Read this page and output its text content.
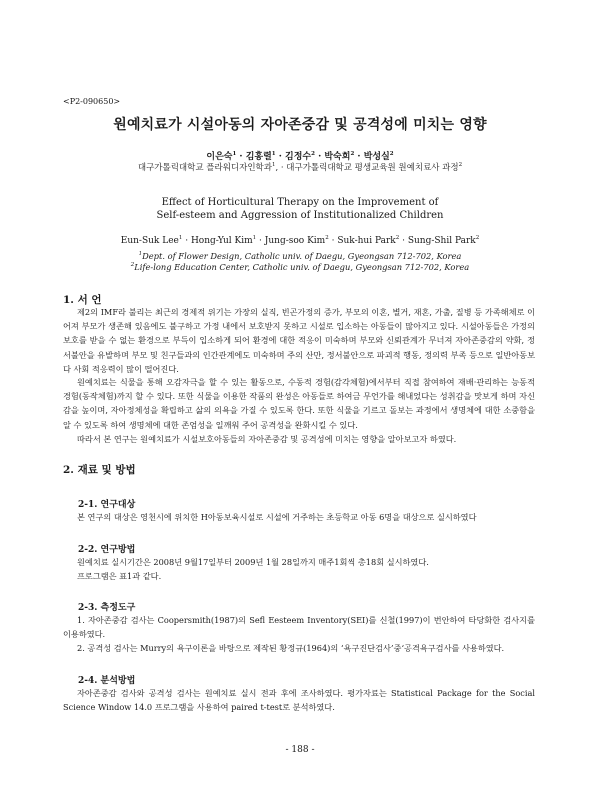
<P2-090650>
원예치료가 시설아동의 자아존중감 및 공격성에 미치는 영향
이은숙$^1$ · 김홍렬$^1$ · 김정수$^2$ · 박숙희$^2$ · 박성실$^2$
대구가톨릭대학교 플라워디자인학과$^1$, · 대구가톨릭대학교 평생교육원 원예치료사 과정$^2$
Effect of Horticultural Therapy on the Improvement of
Self-esteem and Aggression of Institutionalized Children
Eun-Suk Lee$^1$ · Hong-Yul Kim$^1$ · Jung-soo Kim$^2$ · Suk-hui Park$^2$ · Sung-Shil Park$^2$
$^1$Dept. of Flower Design, Catholic univ. of Daegu, Gyeongsan 712-702, Korea
$^2$Life-long Education Center, Catholic univ. of Daegu, Gyeongsan 712-702, Korea
1. 서 언
제2의 IMF라 불리는 최근의 경제적 위기는 가장의 실직, 빈곤가정의 증가, 부모의 이혼, 별거, 재혼, 가출, 질병 등 가족해체로 이어져 부모가 생존해 있음에도 불구하고 가정 내에서 보호받지 못하고 시설로 입소하는 아동들이 많아지고 있다. 시설아동들은 가정의 보호를 받을 수 없는 환경으로 부득이 입소하게 되어 환경에 대한 적응이 미숙하며 부모와 신뢰관계가 무너져 자아존중감의 약화, 정서불안을 유발하며 부모 및 친구들과의 인간관계에도 미숙하며 주의 산만, 정서불안으로 파괴적 행동, 정의력 부족 등으로 일반아동보다 사회 적응력이 많이 떨어진다.
원예치료는 식물을 통해 오감자극을 할 수 있는 활동으로, 수동적 경험(감각체험)에서부터 직접 참여하여 재배·관리하는 능동적 경험(동작체험)까지 할 수 있다. 또한 식물을 이용한 작품의 완성은 아동들로 하여금 무언가를 해내었다는 성취감을 맛보게 하며 자신감을 높이며, 자아정체성을 확립하고 삶의 의욕을 가질 수 있도록 한다. 또한 식물을 기르고 돌보는 과정에서 생명체에 대한 소중함을 알 수 있도록 하여 생명체에 대한 존엄성을 일깨워 주어 공격성을 완화시킬 수 있다.
따라서 본 연구는 원예치료가 시설보호아동들의 자아존중감 및 공격성에 미치는 영향을 알아보고자 하였다.
2. 재료 및 방법
2-1. 연구대상
본 연구의 대상은 영천시에 위치한 H아동보육시설로 시설에 거주하는 초등학교 아동 6명을 대상으로 실시하였다
2-2. 연구방법
원예치료 실시기간은 2008년 9월17일부터 2009년 1월 28일까지 매주1회씩 총18회 실시하였다.
프로그램은 표1과 같다.
2-3. 측정도구
1. 자아존중감 검사는 Coopersmith(1987)의 Sefl Eesteem Inventory(SEI)를 신철(1997)이 번안하여 타당화한 검사지를 이용하였다.
2. 공격성 검사는 Murry의 욕구이론을 바탕으로 제작된 황정규(1964)의 ‘욕구진단검사’중‘공격욕구검사를 사용하였다.
2-4. 분석방법
자아존중감 검사와 공격성 검사는 원예치료 실시 전과 후에 조사하였다. 평가자료는 Statistical Package for the Social Science Window 14.0 프로그램을 사용하여 paired t-test로 분석하였다.
- 188 -
